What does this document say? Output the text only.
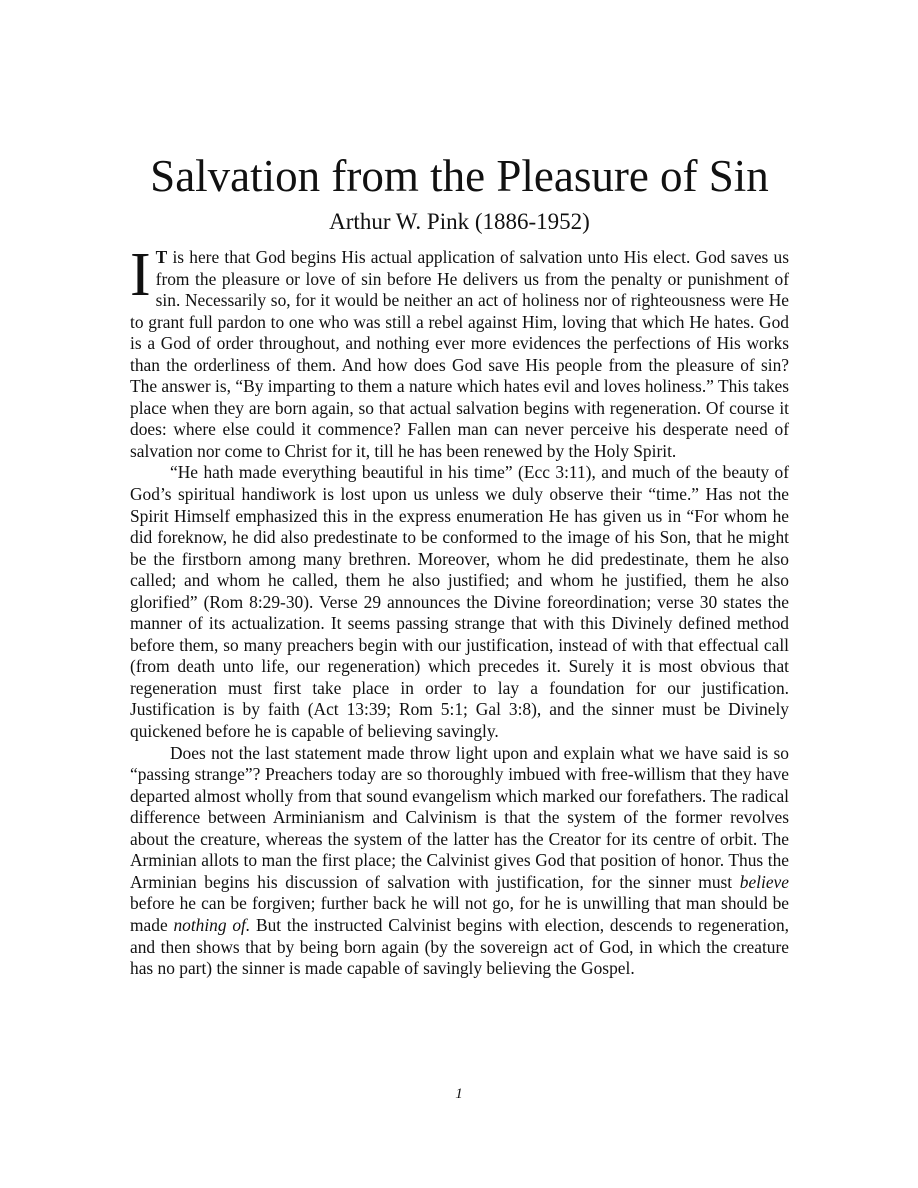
Salvation from the Pleasure of Sin
Arthur W. Pink (1886-1952)

I T is here that God begins His actual application of salvation unto His elect. God saves us from the pleasure or love of sin before He delivers us from the penalty or punishment of sin. Necessarily so, for it would be neither an act of holiness nor of righteousness were He to grant full pardon to one who was still a rebel against Him, loving that which He hates. God is a God of order throughout, and nothing ever more evidences the perfections of His works than the orderliness of them. And how does God save His people from the pleasure of sin? The answer is, “By imparting to them a nature which hates evil and loves holiness.” This takes place when they are born again, so that actual salvation begins with regeneration. Of course it does: where else could it commence? Fallen man can never perceive his desperate need of salvation nor come to Christ for it, till he has been renewed by the Holy Spirit.

“He hath made everything beautiful in his time” (Ecc 3:11), and much of the beauty of God’s spiritual handiwork is lost upon us unless we duly observe their “time.” Has not the Spirit Himself emphasized this in the express enumeration He has given us in “For whom he did foreknow, he did also predestinate to be conformed to the image of his Son, that he might be the firstborn among many brethren. Moreover, whom he did predestinate, them he also called; and whom he called, them he also justified; and whom he justified, them he also glorified” (Rom 8:29-30). Verse 29 announces the Divine foreordination; verse 30 states the manner of its actualization. It seems passing strange that with this Divinely defined method before them, so many preachers begin with our justification, instead of with that effectual call (from death unto life, our regeneration) which precedes it. Surely it is most obvious that regeneration must first take place in order to lay a foundation for our justification. Justification is by faith (Act 13:39; Rom 5:1; Gal 3:8), and the sinner must be Divinely quickened before he is capable of believing savingly.

Does not the last statement made throw light upon and explain what we have said is so “passing strange”? Preachers today are so thoroughly imbued with free-willism that they have departed almost wholly from that sound evangelism which marked our forefathers. The radical difference between Arminianism and Calvinism is that the system of the former revolves about the creature, whereas the system of the latter has the Creator for its centre of orbit. The Arminian allots to man the first place; the Calvinist gives God that position of honor. Thus the Arminian begins his discussion of salvation with justification, for the sinner must believe before he can be forgiven; further back he will not go, for he is unwilling that man should be made nothing of. But the instructed Calvinist begins with election, descends to regeneration, and then shows that by being born again (by the sovereign act of God, in which the creature has no part) the sinner is made capable of savingly believing the Gospel.

1
